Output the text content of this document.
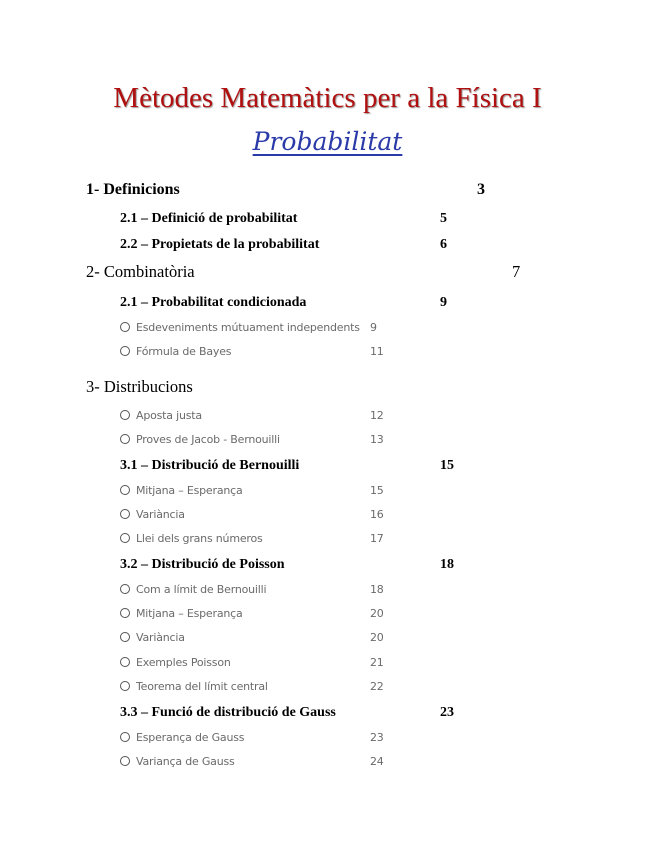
Mètodes Matemàtics per a la Física I
Probabilitat
1- Definicions	3
2.1 – Definició de probabilitat	5
2.2 – Propietats de la probabilitat	6
2- Combinatòria	7
2.1 – Probabilitat condicionada	9
Esdeveniments mútuament independents 9
Fórmula de Bayes	11
3- Distribucions
Aposta justa	12
Proves de Jacob - Bernouilli	13
3.1 – Distribució de Bernouilli	15
Mitjana – Esperança	15
Variància	16
Llei dels grans números	17
3.2 – Distribució de Poisson	18
Com a límit de Bernouilli	18
Mitjana – Esperança	20
Variància	20
Exemples Poisson	21
Teorema del límit central	22
3.3 – Funció de distribució de Gauss	23
Esperança de Gauss	23
Variança de Gauss	24
